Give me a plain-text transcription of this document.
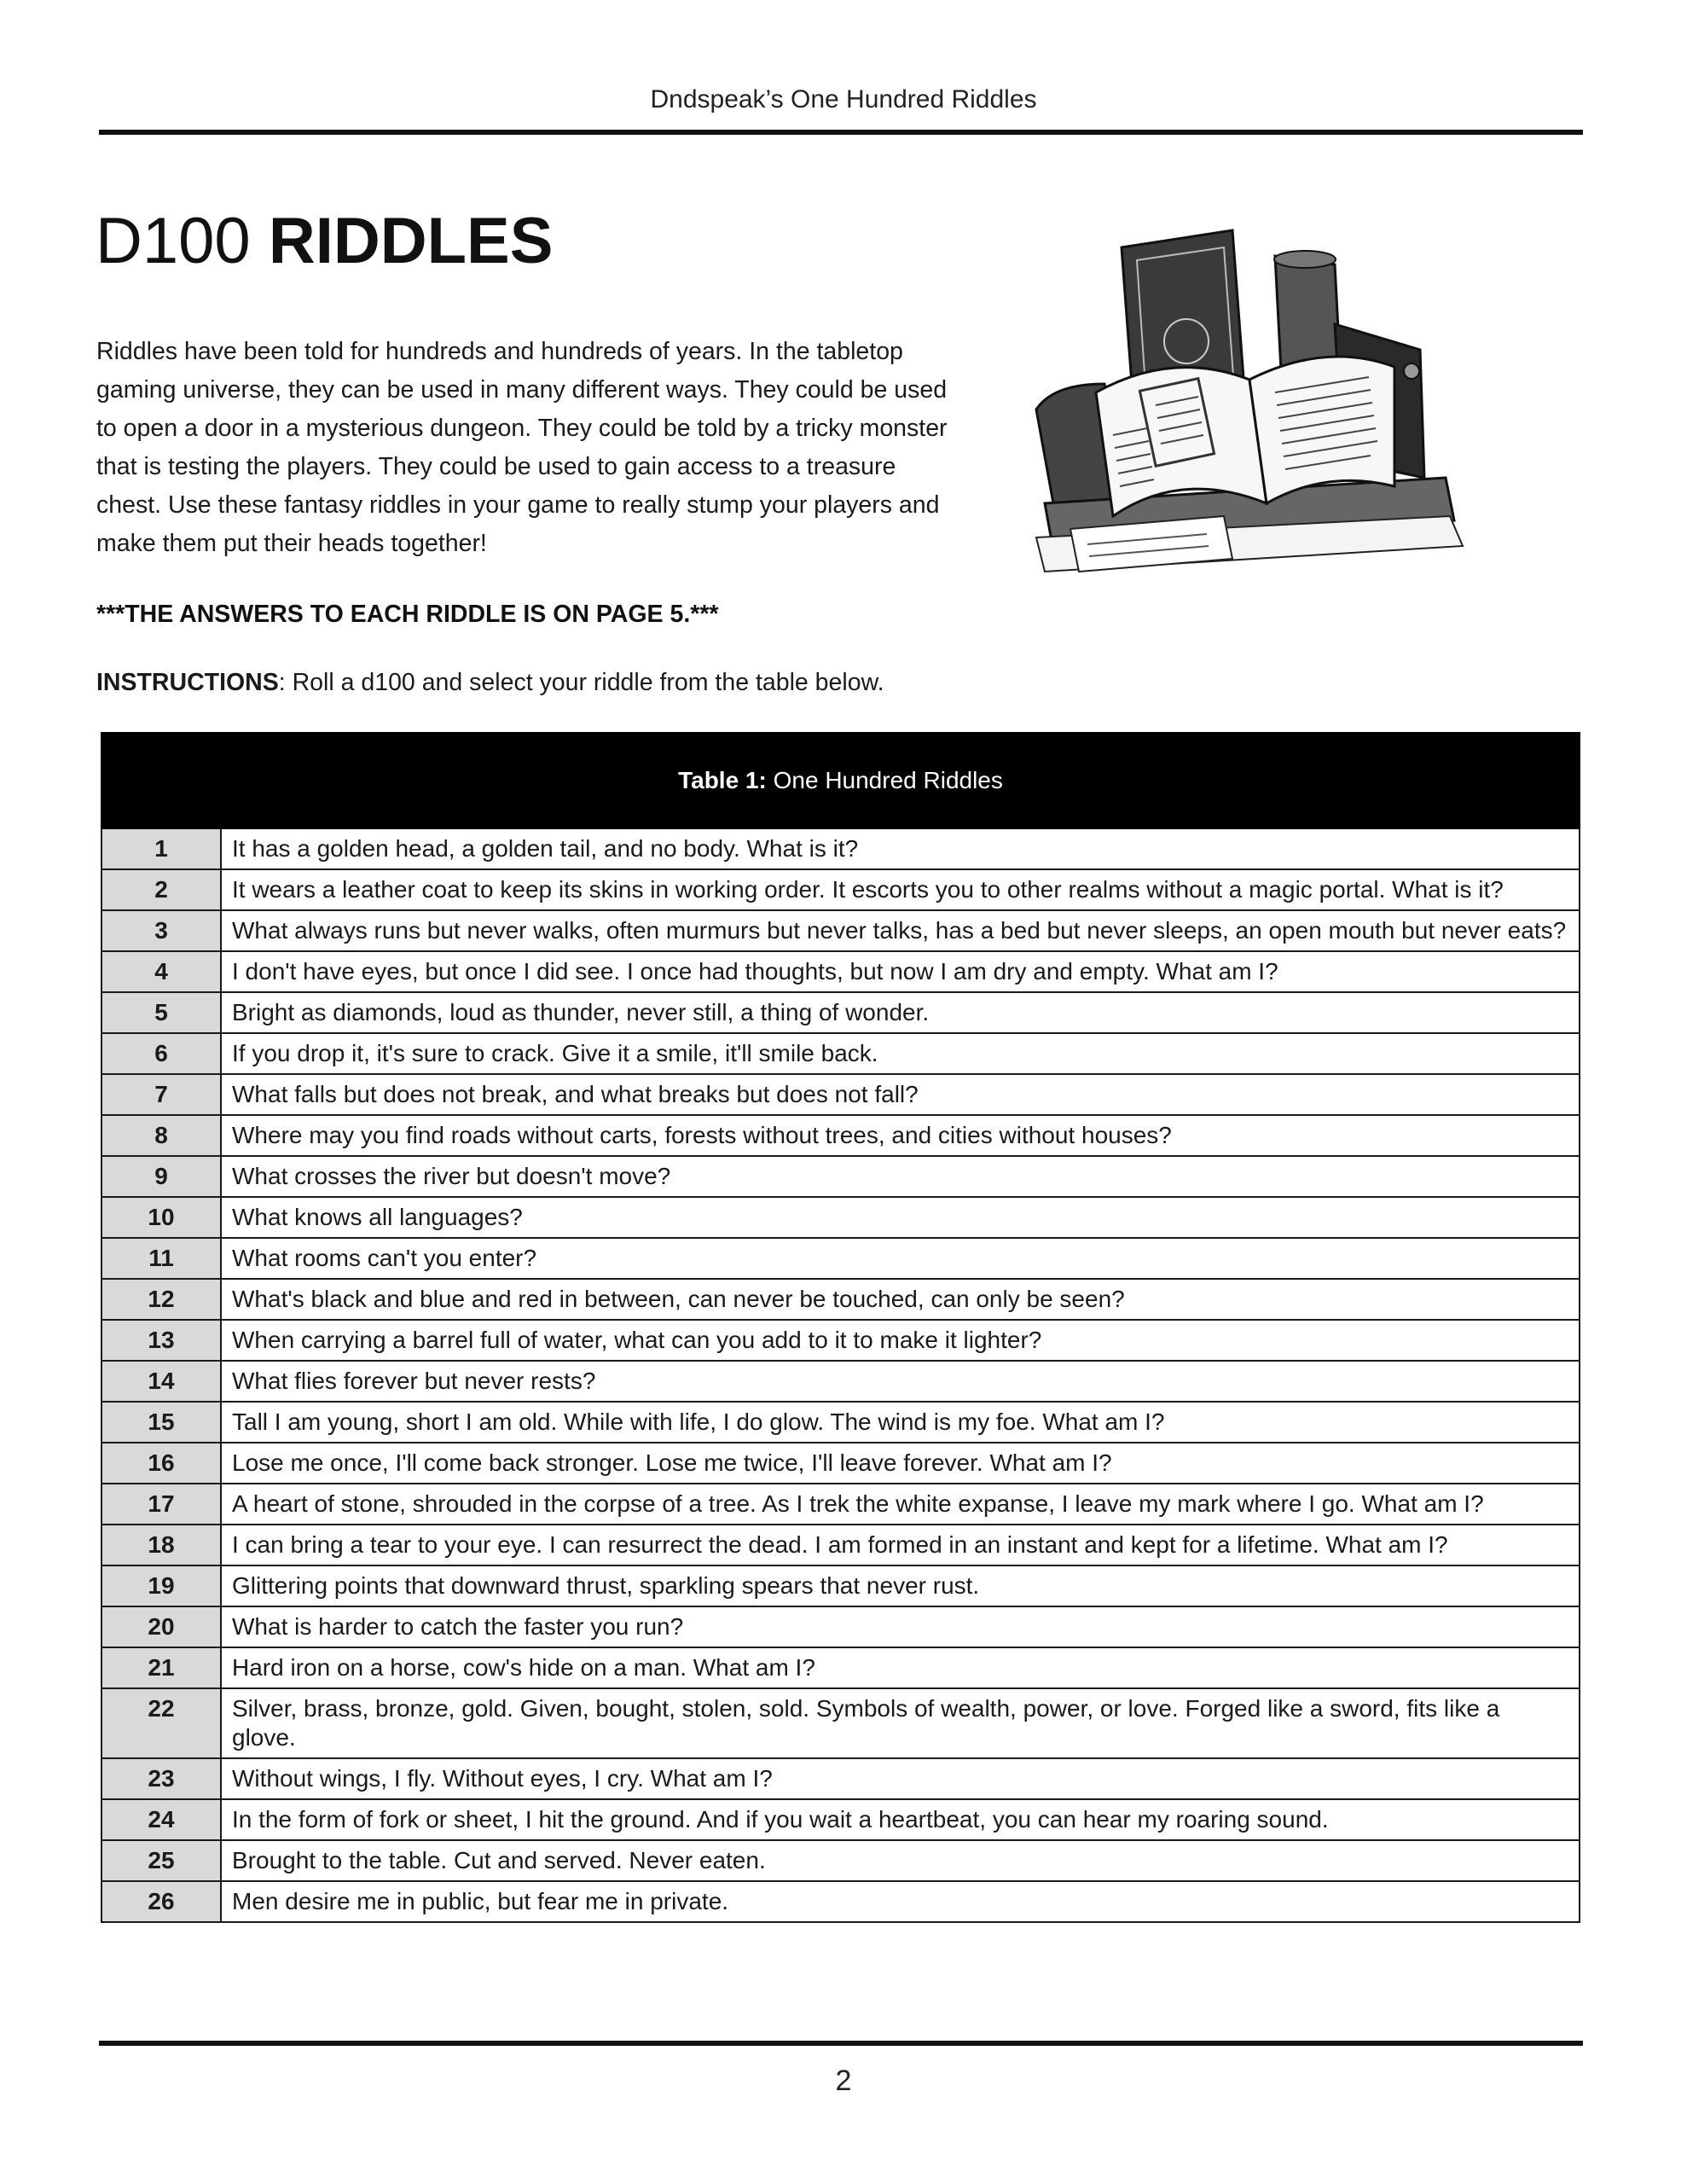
Dndspeak’s One Hundred Riddles
D100 RIDDLES

Riddles have been told for hundreds and hundreds of years. In the tabletop gaming universe, they can be used in many different ways. They could be used to open a door in a mysterious dungeon. They could be told by a tricky monster that is testing the players. They could be used to gain access to a treasure chest. Use these fantasy riddles in your game to really stump your players and make them put their heads together!

***THE ANSWERS TO EACH RIDDLE IS ON PAGE 5.***

INSTRUCTIONS: Roll a d100 and select your riddle from the table below.

Table 1: One Hundred Riddles	
1	It has a golden head, a golden tail, and no body. What is it?
2	It wears a leather coat to keep its skins in working order. It escorts you to other realms without a magic portal. What is it?
3	What always runs but never walks, often murmurs but never talks, has a bed but never sleeps, an open mouth but never eats?
4	I don't have eyes, but once I did see. I once had thoughts, but now I am dry and empty. What am I?
5	Bright as diamonds, loud as thunder, never still, a thing of wonder.
6	If you drop it, it's sure to crack. Give it a smile, it'll smile back.
7	What falls but does not break, and what breaks but does not fall?
8	Where may you find roads without carts, forests without trees, and cities without houses?
9	What crosses the river but doesn't move?
10	What knows all languages?
11	What rooms can't you enter?
12	What's black and blue and red in between, can never be touched, can only be seen?
13	When carrying a barrel full of water, what can you add to it to make it lighter?
14	What flies forever but never rests?
15	Tall I am young, short I am old. While with life, I do glow. The wind is my foe. What am I?
16	Lose me once, I'll come back stronger. Lose me twice, I'll leave forever. What am I?
17	A heart of stone, shrouded in the corpse of a tree. As I trek the white expanse, I leave my mark where I go. What am I?
18	I can bring a tear to your eye. I can resurrect the dead. I am formed in an instant and kept for a lifetime. What am I?
19	Glittering points that downward thrust, sparkling spears that never rust.
20	What is harder to catch the faster you run?
21	Hard iron on a horse, cow's hide on a man. What am I?
22	Silver, brass, bronze, gold. Given, bought, stolen, sold. Symbols of wealth, power, or love. Forged like a sword, fits like a glove.
23	Without wings, I fly. Without eyes, I cry. What am I?
24	In the form of fork or sheet, I hit the ground. And if you wait a heartbeat, you can hear my roaring sound.
25	Brought to the table. Cut and served. Never eaten.
26	Men desire me in public, but fear me in private.
2
